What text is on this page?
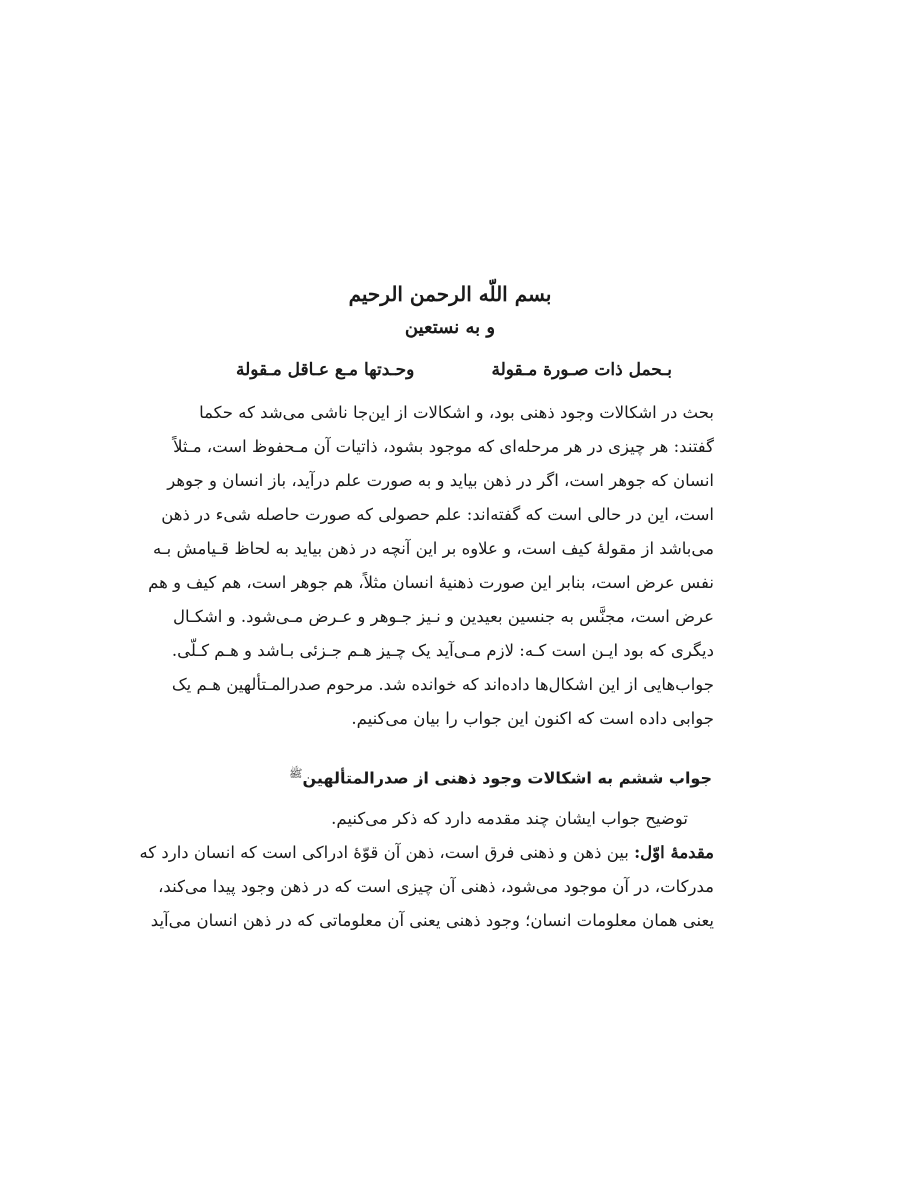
بسم اللّه الرحمن الرحیم
و به نستعین
بـحمل ذات صـورة مـقولة
وحـدتها مـع عـاقل مـقولة
بحث در اشکالات وجود ذهنی بود، و اشکالات از این‌جا ناشی می‌شد که حکما
گفتند: هر چیزی در هر مرحله‌ای که موجود بشود، ذاتیات آن مـحفوظ است، مـثلاً
انسان که جوهر است، اگر در ذهن بیاید و به صورت علم درآید، باز انسان و جوهر
است، این در حالی است که گفته‌اند: علم حصولی که صورت حاصله شیء در ذهن
می‌باشد از مقولهٔ کیف است، و علاوه بر این آنچه در ذهن بیاید به لحاظ قـیامش بـه
نفس عرض است، بنابر این صورت ذهنیهٔ انسان مثلاً، هم جوهر است، هم کیف و هم
عرض است، مجنَّس به جنسین بعیدین و نـیز جـوهر و عـرض مـی‌شود. و اشکـال
دیگری که بود ایـن است کـه: لازم مـی‌آید یک چـیز هـم جـزئی بـاشد و هـم کـلّی.
جواب‌هایی از این اشکال‌ها داده‌اند که خوانده شد. مرحوم صدرالمـتألهین هـم یک
جوابی داده است که اکنون این جواب را بیان می‌کنیم.
جواب ششم به اشکالات وجود ذهنی از صدرالمتألهین$^ﷺ$
توضیح جواب ایشان چند مقدمه دارد که ذکر می‌کنیم.
مقدمهٔ اوّل: بین ذهن و ذهنی فرق است، ذهن آن قوّهٔ ادراکی است که انسان دارد که
مدرکات، در آن موجود می‌شود، ذهنی آن چیزی است که در ذهن وجود پیدا می‌کند،
یعنی همان معلومات انسان؛ وجود ذهنی یعنی آن معلوماتی که در ذهن انسان می‌آید
